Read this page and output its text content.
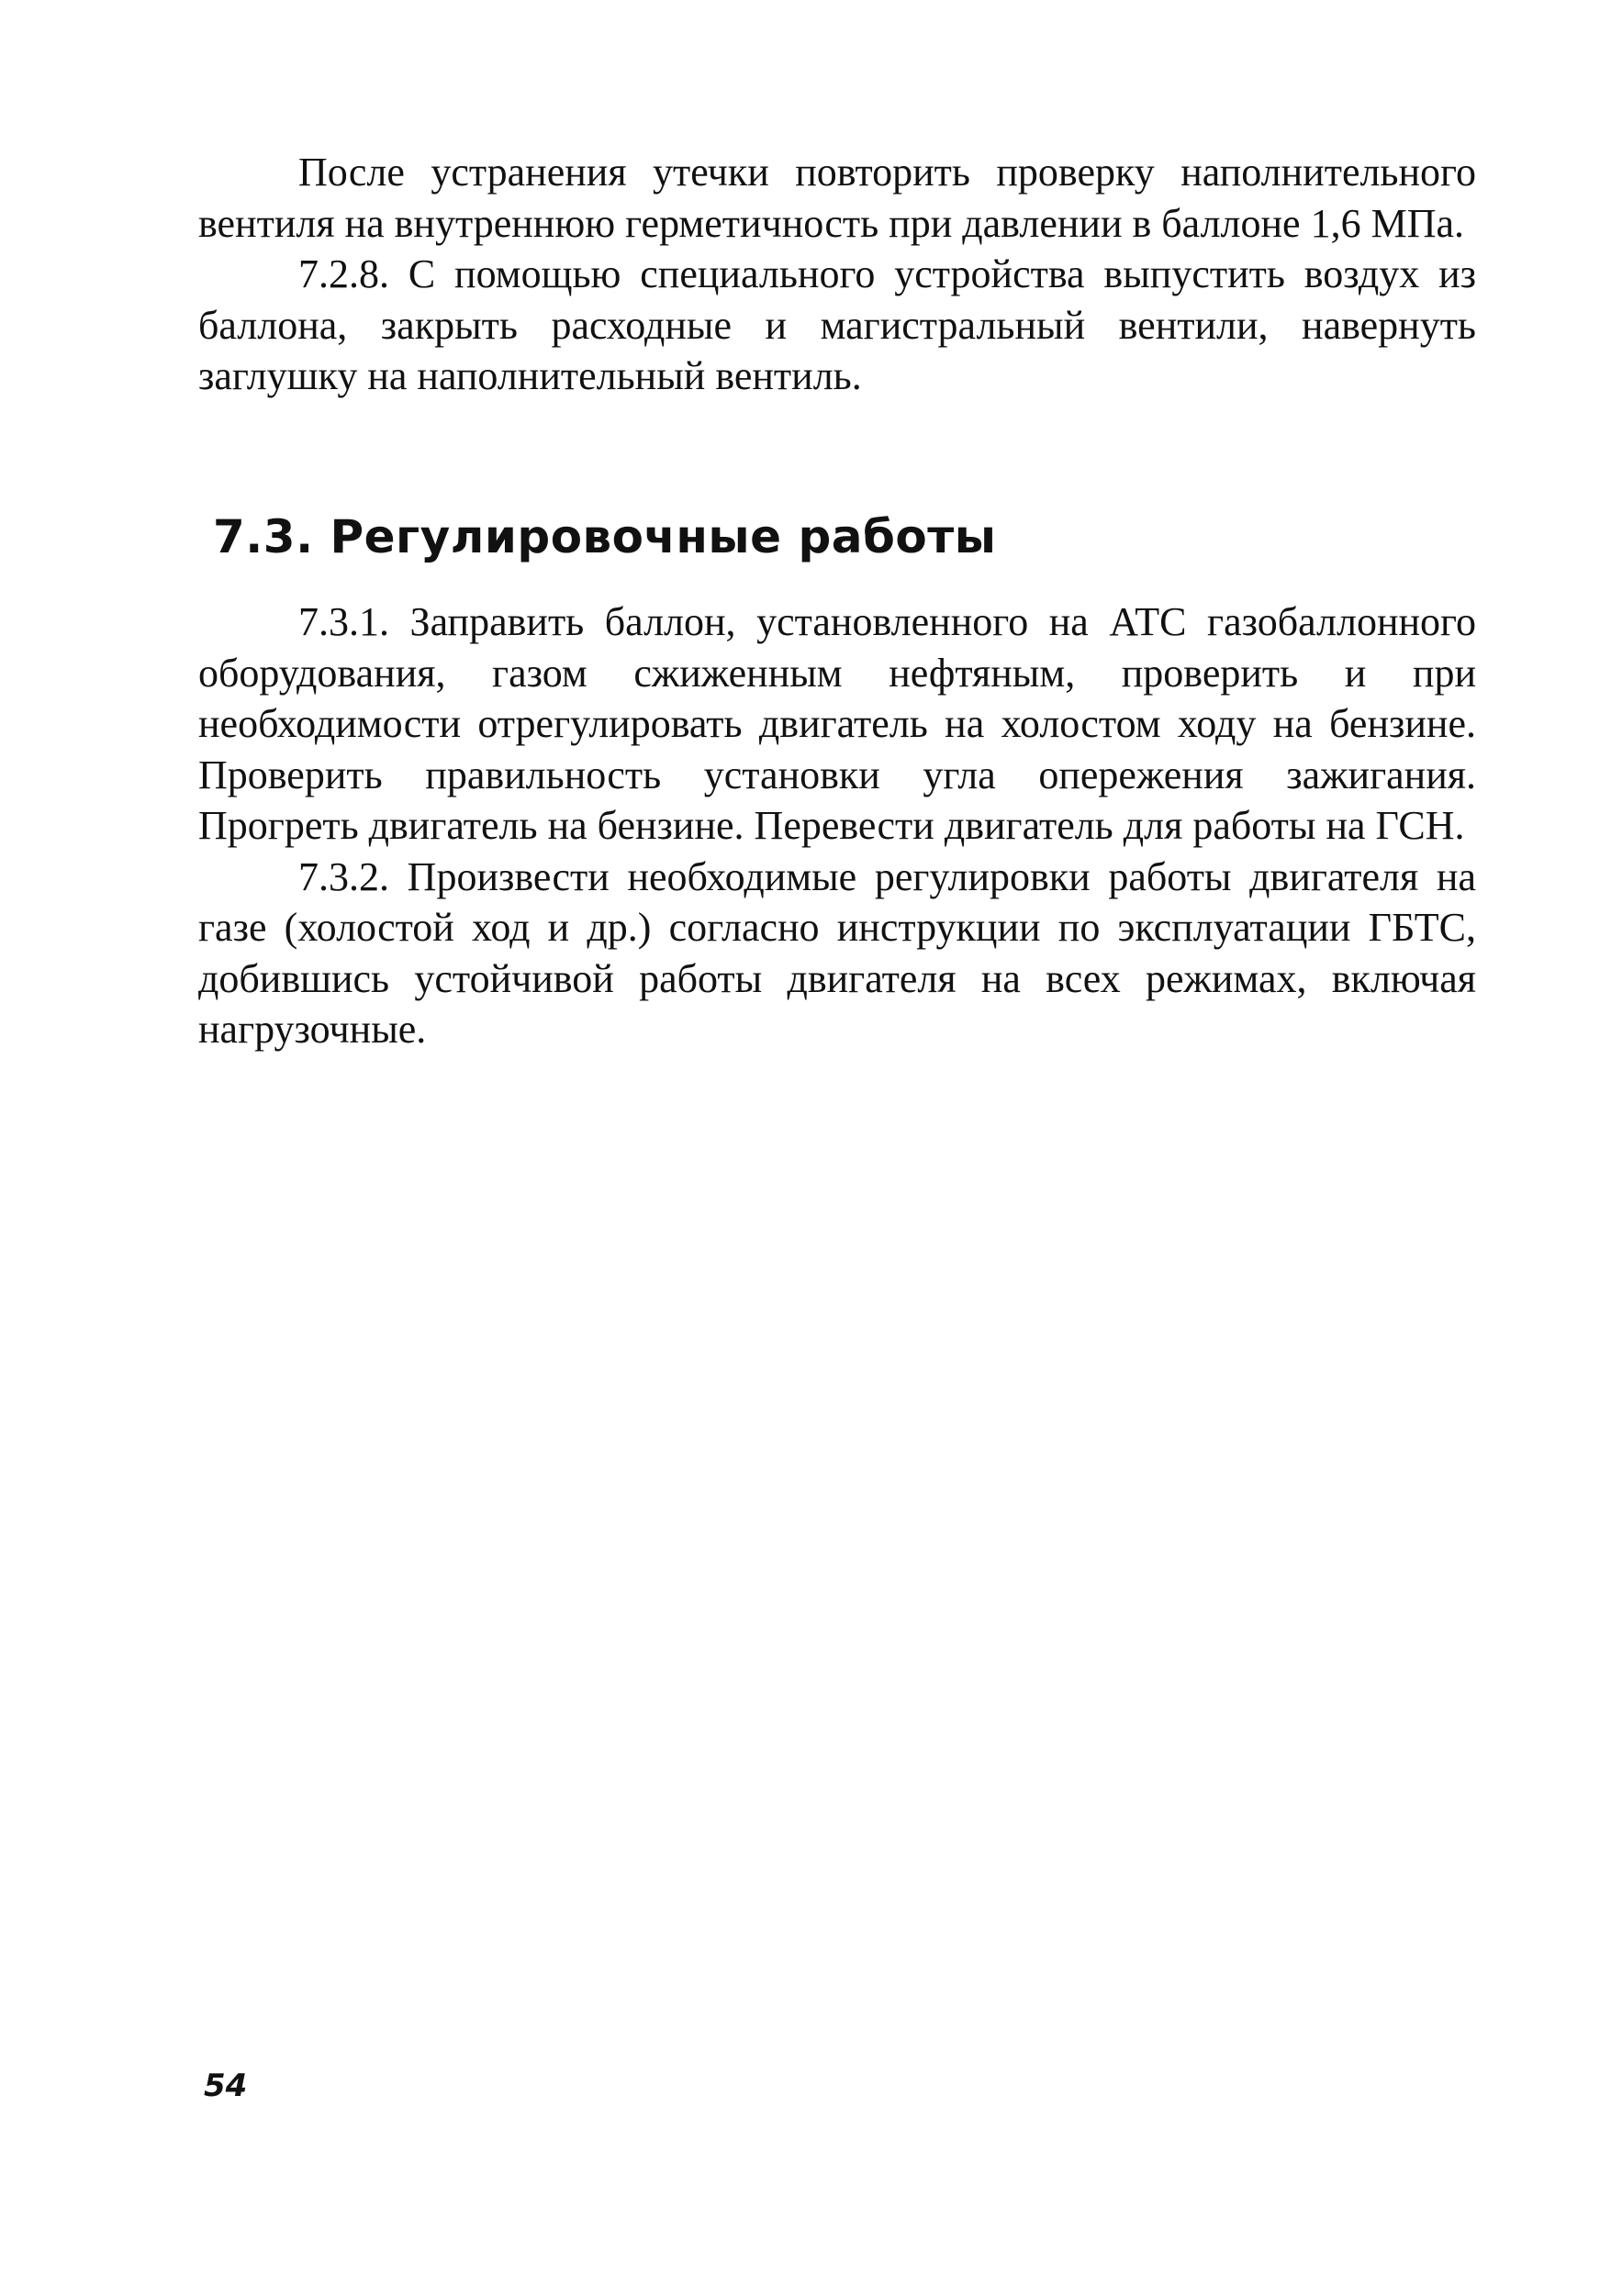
После устранения утечки повторить проверку наполнительного вентиля на внутреннюю герметичность при давлении в баллоне 1,6 МПа.

7.2.8. С помощью специального устройства выпустить воздух из баллона, закрыть расходные и магистральный вентили, навернуть заглушку на наполнительный вентиль.

7.3. Регулировочные работы

7.3.1. Заправить баллон, установленного на АТС газобаллонного оборудования, газом сжиженным нефтяным, проверить и при необходимости отрегулировать двигатель на холостом ходу на бензине. Проверить правильность установки угла опережения зажигания. Прогреть двигатель на бензине. Перевести двигатель для работы на ГСН.

7.3.2. Произвести необходимые регулировки работы двигателя на газе (холостой ход и др.) согласно инструкции по эксплуатации ГБТС, добившись устойчивой работы двигателя на всех режимах, включая нагрузочные.

54
